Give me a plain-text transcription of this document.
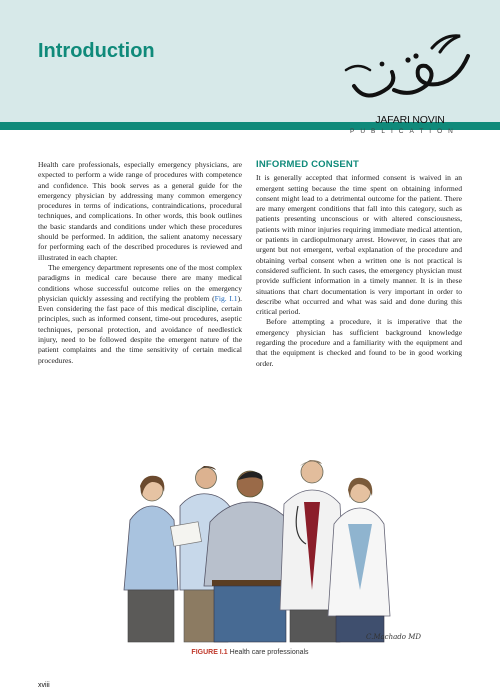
Introduction
JAFARI NOVIN
PUBLICATION

Health care professionals, especially emergency physicians, are expected to perform a wide range of procedures with competence and confidence. This book serves as a general guide for the emergency physician by addressing many common emergency procedures in terms of indications, contraindications, procedural techniques, and complications. In other words, this book outlines the basic standards and conditions under which these procedures should be performed. In addition, the salient anatomy necessary for performing each of the described procedures is reviewed and illustrated in each chapter.

The emergency department represents one of the most complex paradigms in medical care because there are many medical conditions whose successful outcome relies on the emergency physician quickly assessing and rectifying the problem (Fig. I.1). Even considering the fast pace of this medical discipline, certain principles, such as informed consent, time-out procedures, aseptic techniques, personal protection, and avoidance of needlestick injury, need to be followed despite the emergent nature of the patient complaints and the time sensitivity of certain medical procedures.

INFORMED CONSENT

It is generally accepted that informed consent is waived in an emergent setting because the time spent on obtaining informed consent might lead to a detrimental outcome for the patient. There are many emergent conditions that fall into this category, such as patients presenting unconscious or with altered consciousness, patients with minor injuries requiring immediate medical attention, or patients in cardiopulmonary arrest. However, in cases that are urgent but not emergent, verbal explanation of the procedure and obtaining verbal consent when a written one is not practical is considered sufficient. In such cases, the emergency physician must provide sufficient information in a timely manner. It is in these situations that chart documentation is very important in order to describe what occurred and what was said and done during this critical period.

Before attempting a procedure, it is imperative that the emergency physician has sufficient background knowledge regarding the procedure and a familiarity with the equipment and that the equipment is checked and found to be in good working order.

C.Machado MD
FIGURE I.1 Health care professionals
xviii
